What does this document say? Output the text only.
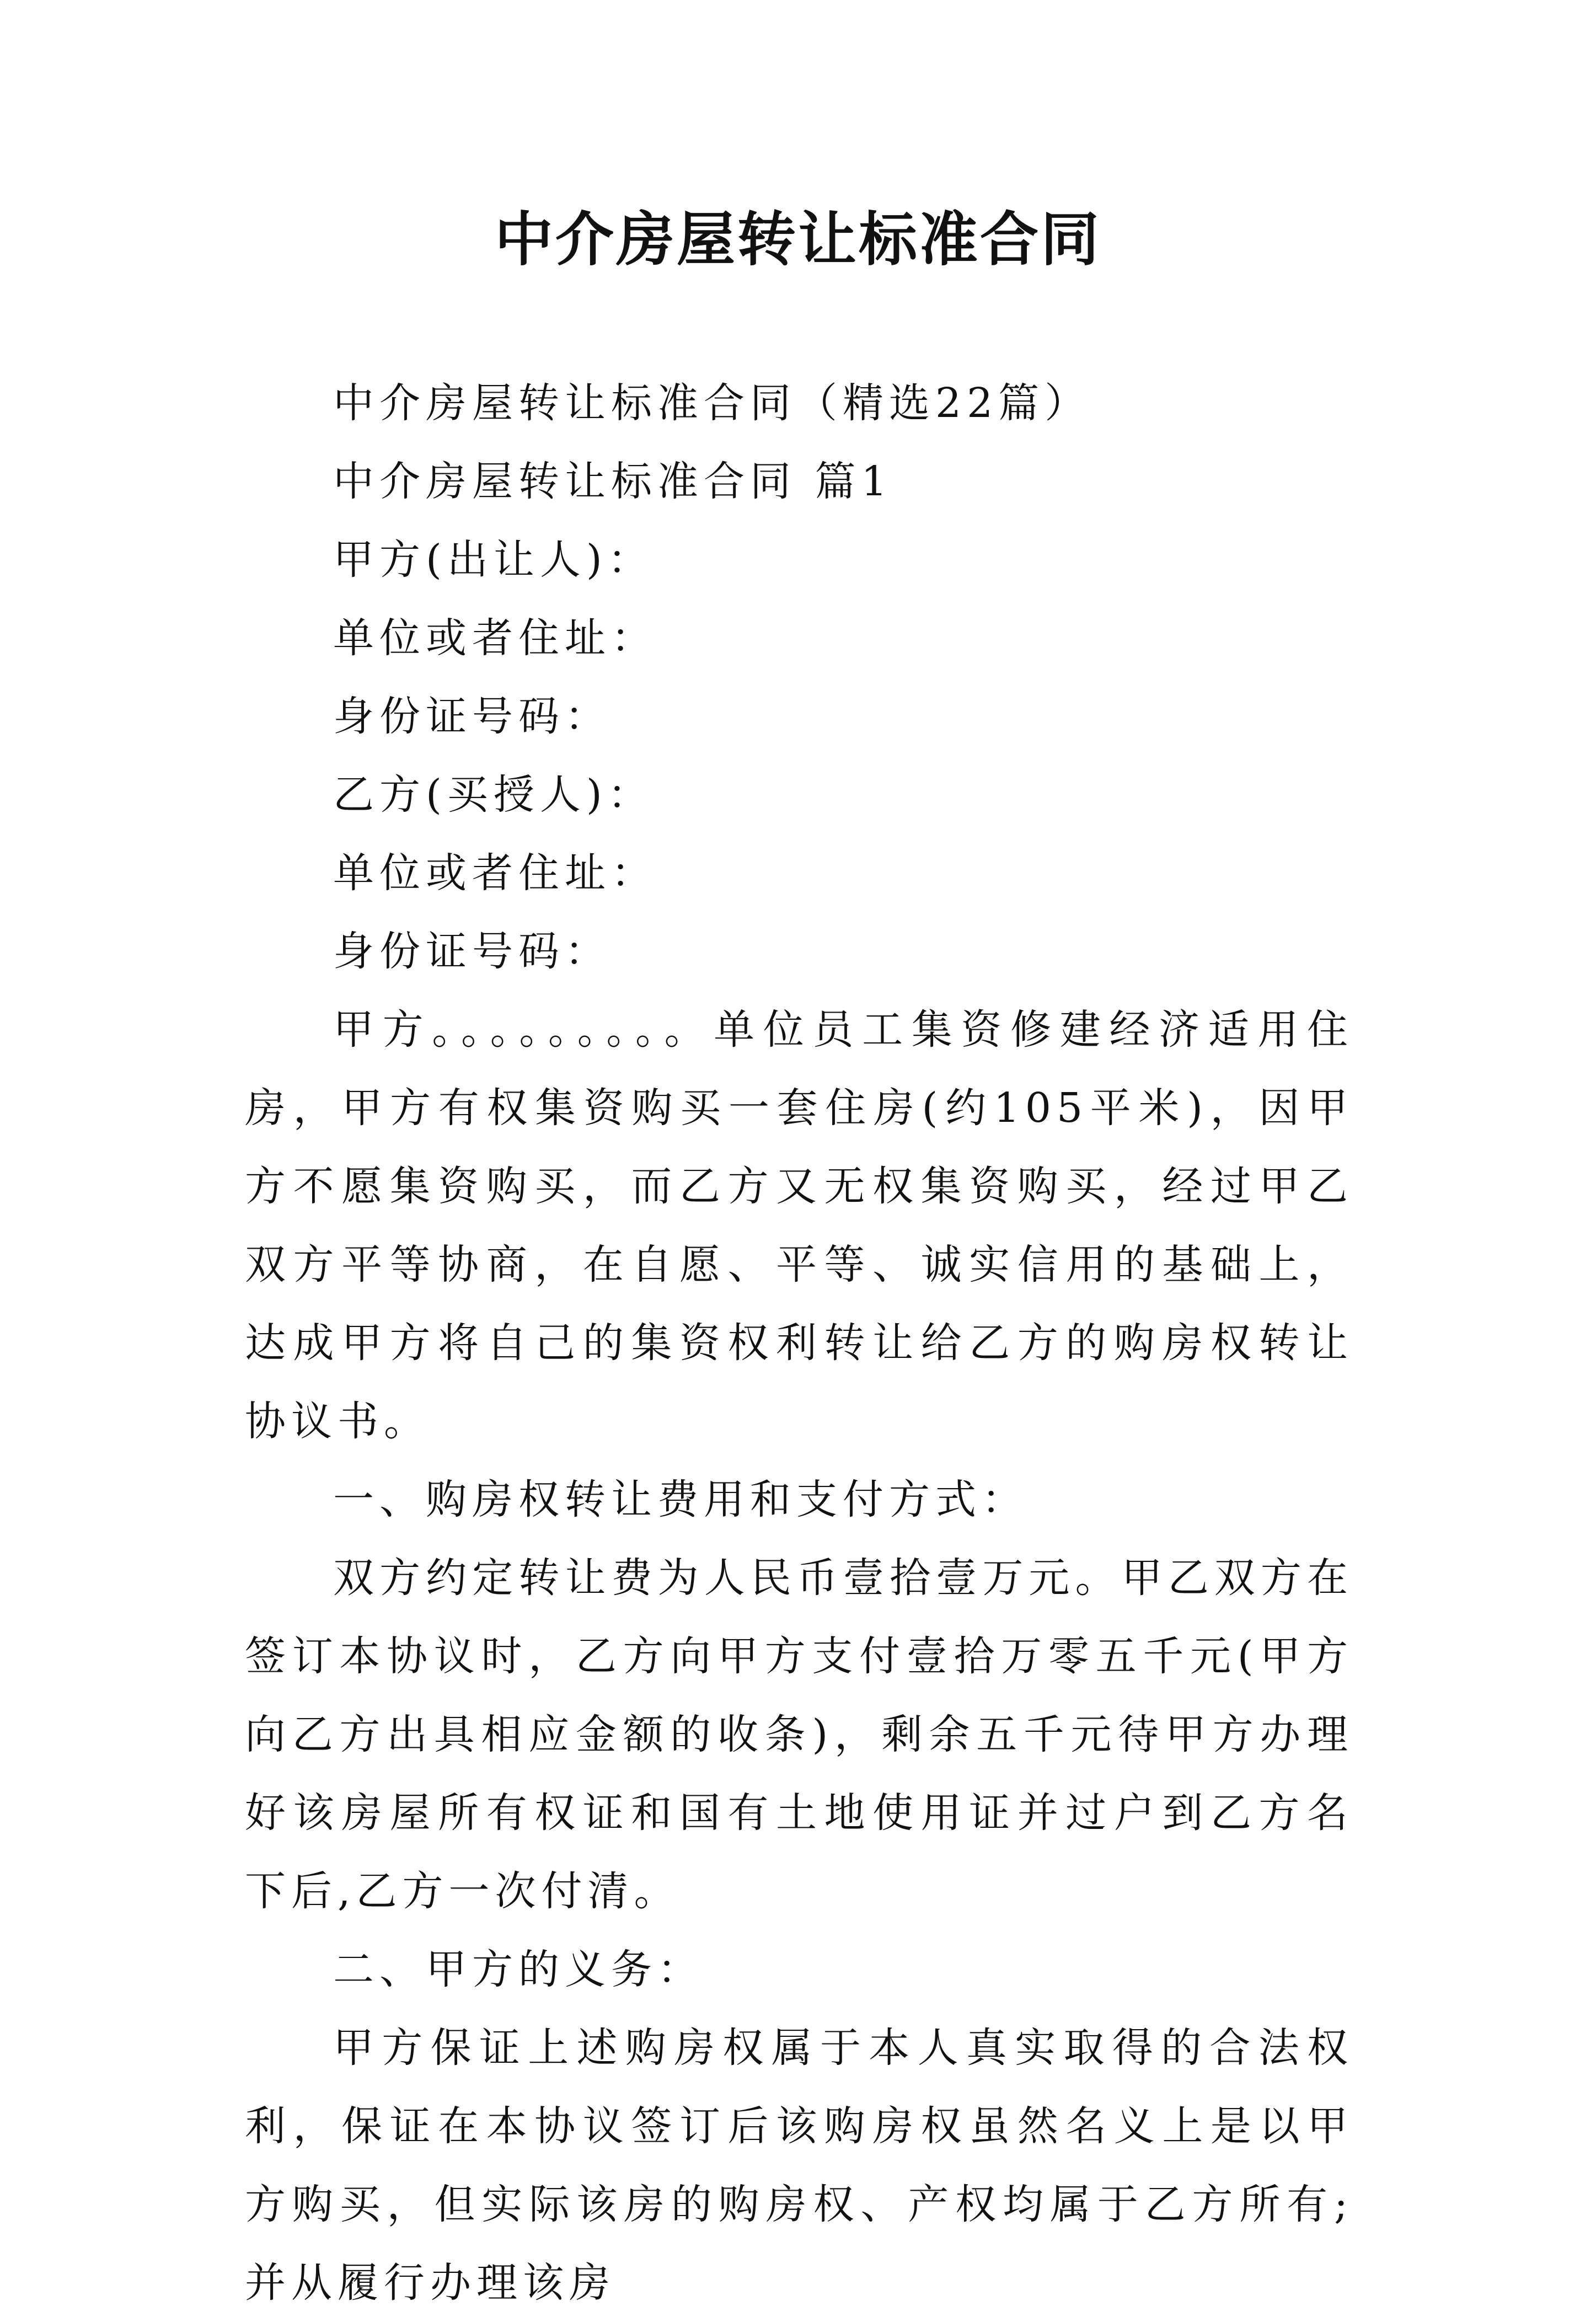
中介房屋转让标准合同

中介房屋转让标准合同（精选22篇）

中介房屋转让标准合同 篇1

甲方(出让人)：

单位或者住址：

身份证号码：

乙方(买授人)：

单位或者住址：

身份证号码：

甲方。。。。。。。。。单位员工集资修建经济适用住房，甲方有权集资购买一套住房(约105平米)，因甲方不愿集资购买，而乙方又无权集资购买，经过甲乙双方平等协商，在自愿、平等、诚实信用的基础上，达成甲方将自己的集资权利转让给乙方的购房权转让协议书。

一、购房权转让费用和支付方式：

双方约定转让费为人民币壹拾壹万元。甲乙双方在签订本协议时，乙方向甲方支付壹拾万零五千元(甲方向乙方出具相应金额的收条)，剩余五千元待甲方办理好该房屋所有权证和国有土地使用证并过户到乙方名下后,乙方一次付清。

二、甲方的义务：

甲方保证上述购房权属于本人真实取得的合法权利，保证在本协议签订后该购房权虽然名义上是以甲方购买，但实际该房的购房权、产权均属于乙方所有;并从履行办理该房
